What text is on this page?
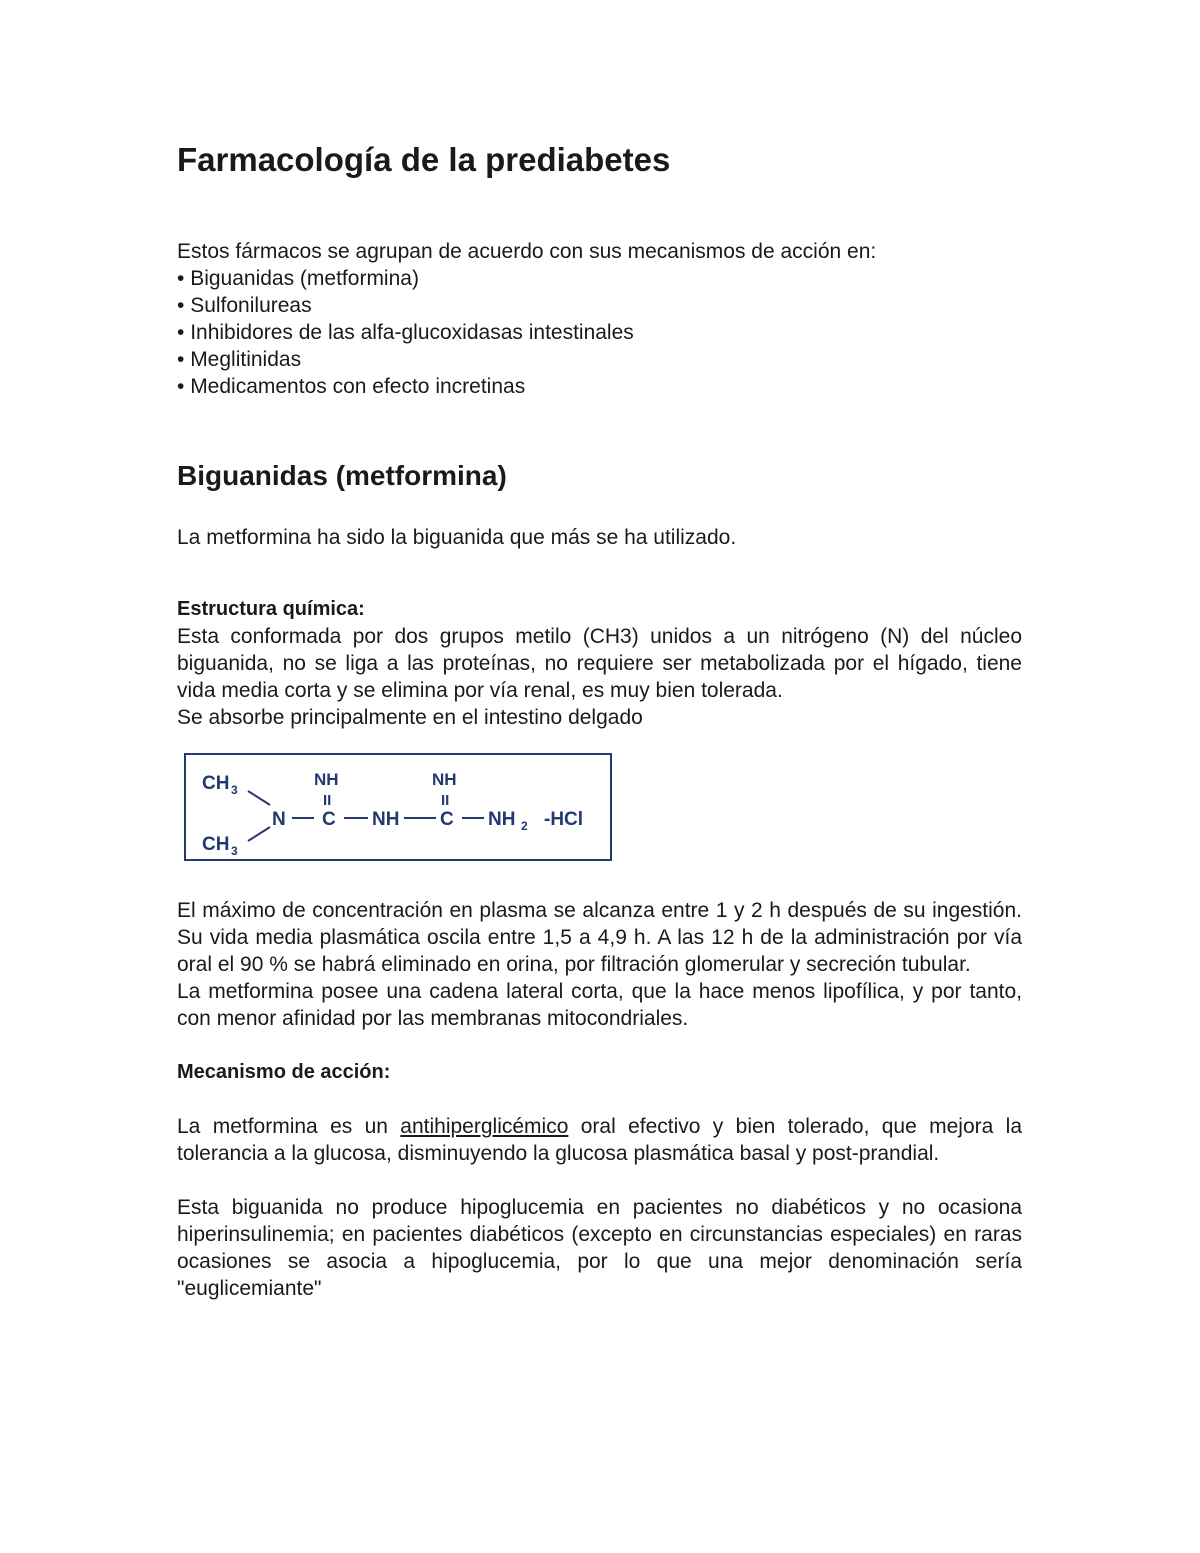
Farmacología de la prediabetes

Estos fármacos se agrupan de acuerdo con sus mecanismos de acción en:

• Biguanidas (metformina)
• Sulfonilureas
• Inhibidores de las alfa-glucoxidasas intestinales
• Meglitinidas
• Medicamentos con efecto incretinas
Biguanidas (metformina)

La metformina ha sido la biguanida que más se ha utilizado.

Estructura química:

Esta conformada por dos grupos metilo (CH3) unidos a un nitrógeno (N) del núcleo biguanida, no se liga a las proteínas, no requiere ser metabolizada por el hígado, tiene vida media corta y se elimina por vía renal, es muy bien tolerada.

Se absorbe principalmente en el intestino delgado

CH 3
CH 3
N
NH
II
C NH
NH
II
C NH 2 -HCl

El máximo de concentración en plasma se alcanza entre 1 y 2 h después de su ingestión. Su vida media plasmática oscila entre 1,5 a 4,9 h. A las 12 h de la administración por vía oral el 90 % se habrá eliminado en orina, por filtración glomerular y secreción tubular.

La metformina posee una cadena lateral corta, que la hace menos lipofílica, y por tanto, con menor afinidad por las membranas mitocondriales.

Mecanismo de acción:

La metformina es un antihiperglicémico oral efectivo y bien tolerado, que mejora la tolerancia a la glucosa, disminuyendo la glucosa plasmática basal y post-prandial.

Esta biguanida no produce hipoglucemia en pacientes no diabéticos y no ocasiona hiperinsulinemia; en pacientes diabéticos (excepto en circunstancias especiales) en raras ocasiones se asocia a hipoglucemia, por lo que una mejor denominación sería "euglicemiante"
